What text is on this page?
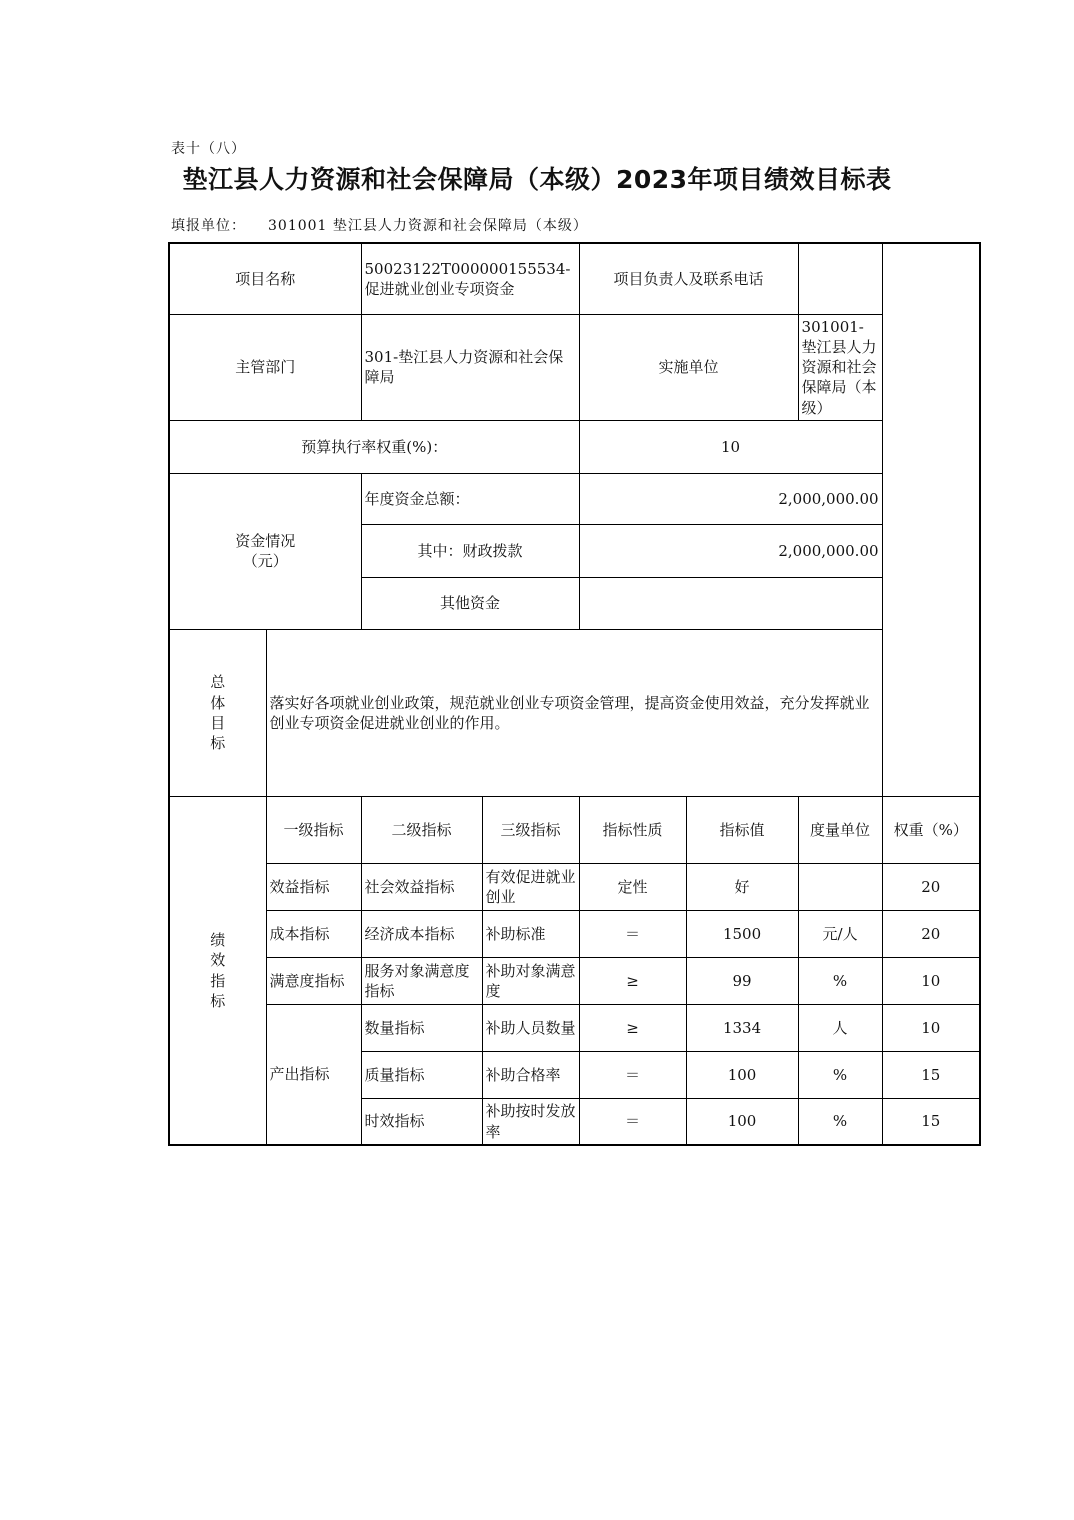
表十（八）
垫江县人力资源和社会保障局（本级）2023年项目绩效目标表
填报单位： 301001 垫江县人力资源和社会保障局（本级）
项目名称		50023122T000000155534-促进就业创业专项资金		项目负责人及联系电话			
主管部门		301-垫江县人力资源和社会保障局		实施单位		301001-垫江县人力资源和社会保障局（本级）	
预算执行率权重(%)：				10			
资金情况
（元）		年度资金总额：		2,000,000.00			
		其中：财政拨款		2,000,000.00			
		其他资金					

总
体
目
标	落实好各项就业创业政策，规范就业创业专项资金管理，提高资金使用效益，充分发挥就业创业专项资金促进就业创业的作用。						

绩
效
指
标	一级指标	二级指标	三级指标	指标性质	指标值	度量单位	权重（%）
	效益指标	社会效益指标	有效促进就业创业	定性	好		20
	成本指标	经济成本指标	补助标准	＝	1500	元/人	20
	满意度指标	服务对象满意度指标	补助对象满意度	≥	99	%	10
	产出指标	数量指标	补助人员数量	≥	1334	人	10
		质量指标	补助合格率	＝	100	%	15
		时效指标	补助按时发放率	＝	100	%	15
